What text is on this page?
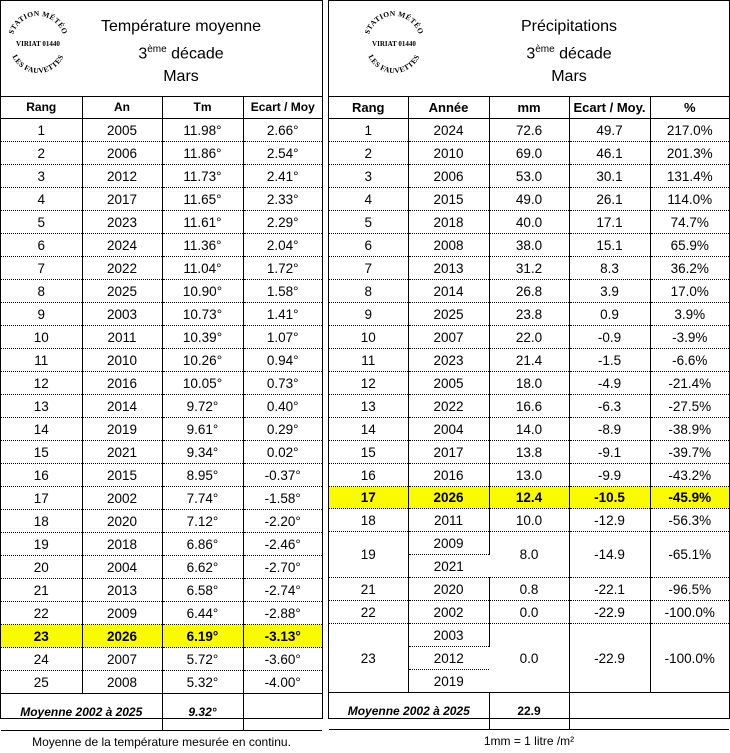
STATION MÉTÉO
VIRIAT 01440
LES FAUVETTES
Température moyenne
3ème décade
Mars
Rang	An	Tm	Ecart / Moy
1	2005	11.98°	2.66°
2	2006	11.86°	2.54°
3	2012	11.73°	2.41°
4	2017	11.65°	2.33°
5	2023	11.61°	2.29°
6	2024	11.36°	2.04°
7	2022	11.04°	1.72°
8	2025	10.90°	1.58°
9	2003	10.73°	1.41°
10	2011	10.39°	1.07°
11	2010	10.26°	0.94°
12	2016	10.05°	0.73°
13	2014	9.72°	0.40°
14	2019	9.61°	0.29°
15	2021	9.34°	0.02°
16	2015	8.95°	-0.37°
17	2002	7.74°	-1.58°
18	2020	7.12°	-2.20°
19	2018	6.86°	-2.46°
20	2004	6.62°	-2.70°
21	2013	6.58°	-2.74°
22	2009	6.44°	-2.88°
23	2026	6.19°	-3.13°
24	2007	5.72°	-3.60°
25	2008	5.32°	-4.00°
Moyenne 2002 à 2025		9.32°	
Moyenne de la température mesurée en continu.			
STATION MÉTÉO
VIRIAT 01440
LES FAUVETTES
Précipitations
3ème décade
Mars
Rang	Année	mm	Ecart / Moy.	%
1	2024	72.6	49.7	217.0%
2	2010	69.0	46.1	201.3%
3	2006	53.0	30.1	131.4%
4	2015	49.0	26.1	114.0%
5	2018	40.0	17.1	74.7%
6	2008	38.0	15.1	65.9%
7	2013	31.2	8.3	36.2%
8	2014	26.8	3.9	17.0%
9	2025	23.8	0.9	3.9%
10	2007	22.0	-0.9	-3.9%
11	2023	21.4	-1.5	-6.6%
12	2005	18.0	-4.9	-21.4%
13	2022	16.6	-6.3	-27.5%
14	2004	14.0	-8.9	-38.9%
15	2017	13.8	-9.1	-39.7%
16	2016	13.0	-9.9	-43.2%
17	2026	12.4	-10.5	-45.9%
18	2011	10.0	-12.9	-56.3%
19	2009	8.0	-14.9	-65.1%
	2021			
21	2020	0.8	-22.1	-96.5%
22	2002	0.0	-22.9	-100.0%
23	2003	0.0	-22.9	-100.0%
	2012			
	2019			
Moyenne 2002 à 2025		22.9		
1mm = 1 litre /m²				
